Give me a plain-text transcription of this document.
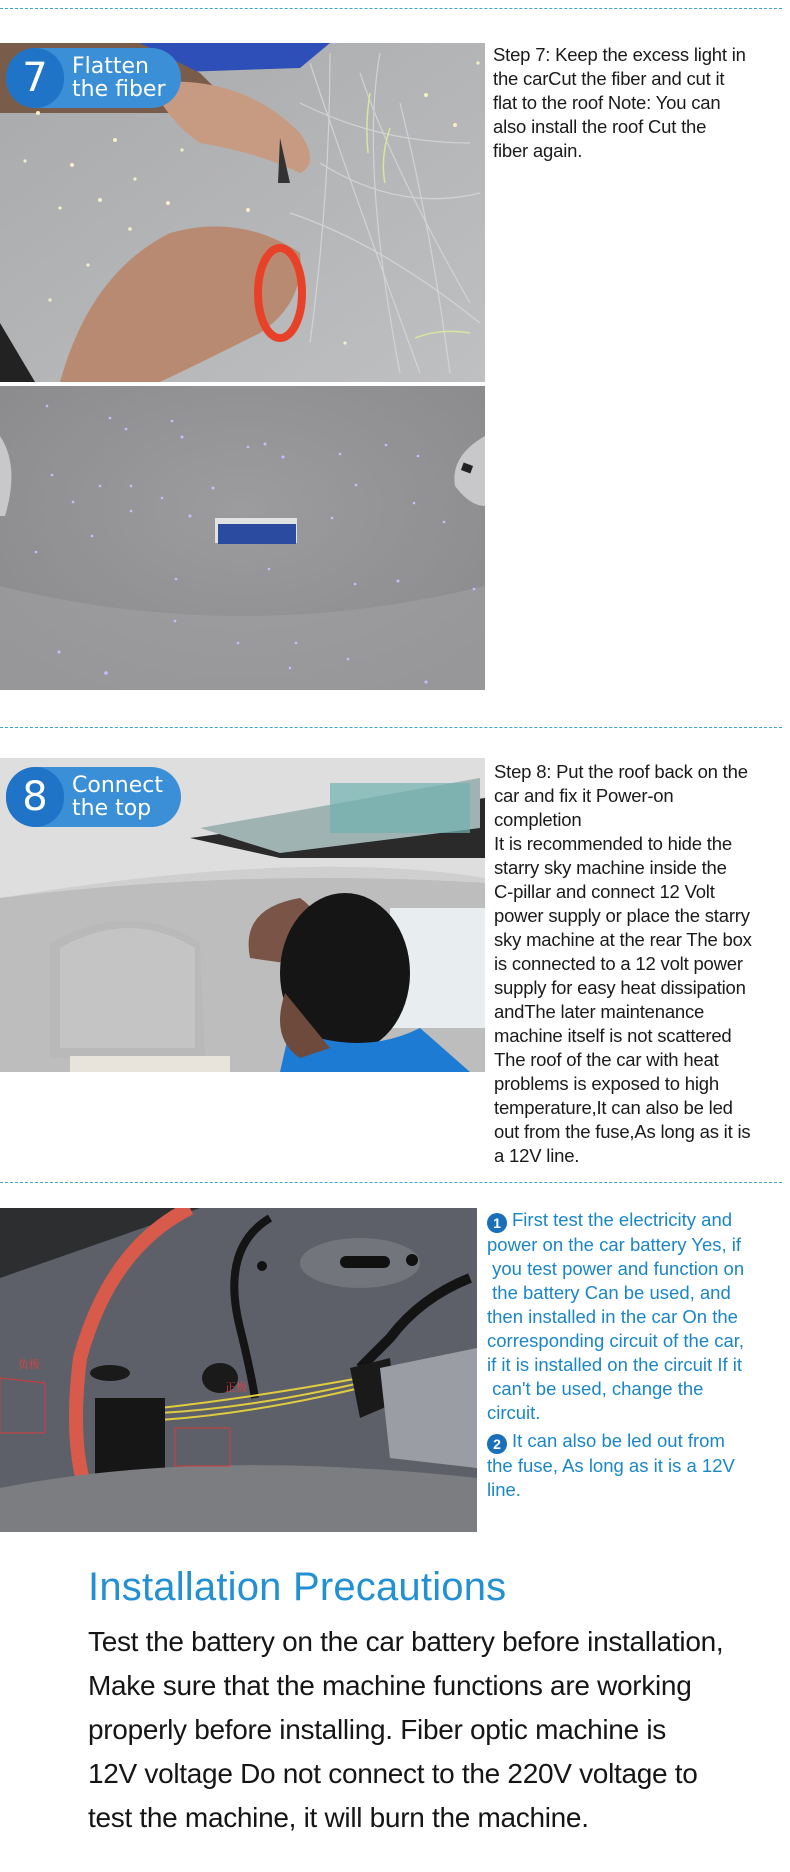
7	Flatten
the fiber
Step 7: Keep the excess light in
the carCut the fiber and cut it
flat to the roof Note: You can
also install the roof Cut the
fiber again.
8	Connect
the top
Step 8: Put the roof back on the
car and fix it Power-on
completion
It is recommended to hide the
starry sky machine inside the
C-pillar and connect 12 Volt
power supply or place the starry
sky machine at the rear The box
is connected to a 12 volt power
supply for easy heat dissipation
andThe later maintenance
machine itself is not scattered
The roof of the car with heat
problems is exposed to high
temperature,It can also be led
out from the fuse,As long as it is
a 12V line.
负极
正极
1 First test the electricity and
power on the car battery Yes, if
you test power and function on
the battery Can be used, and
then installed in the car On the
corresponding circuit of the car,
if it is installed on the circuit If it
can't be used, change the
circuit.
2 It can also be led out from
the fuse, As long as it is a 12V
line.
Installation Precautions
Test the battery on the car battery before installation,
Make sure that the machine functions are working
properly before installing. Fiber optic machine is
12V voltage Do not connect to the 220V voltage to
test the machine, it will burn the machine.
